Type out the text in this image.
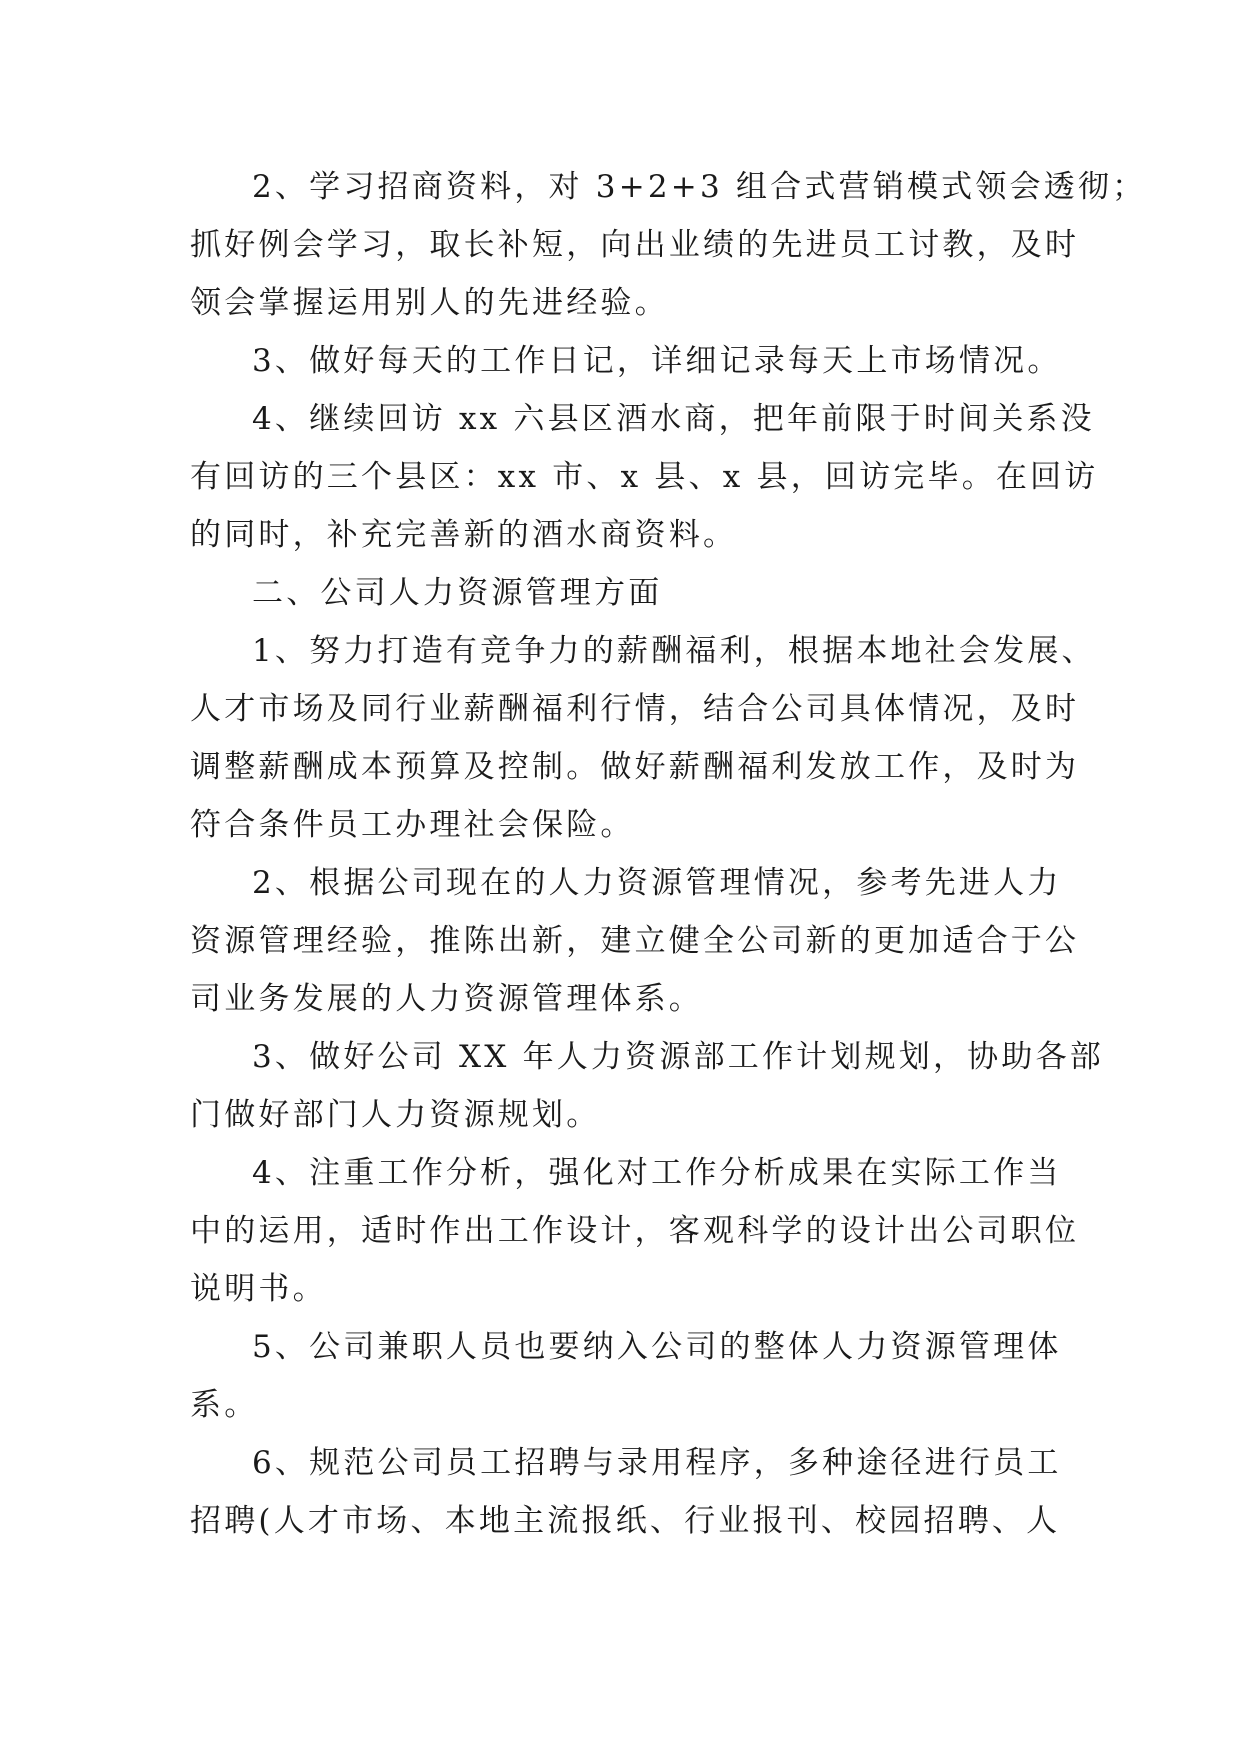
2、学习招商资料，对 3+2+3 组合式营销模式领会透彻；
抓好例会学习，取长补短，向出业绩的先进员工讨教，及时
领会掌握运用别人的先进经验。
3、做好每天的工作日记，详细记录每天上市场情况。
4、继续回访 xx 六县区酒水商，把年前限于时间关系没
有回访的三个县区：xx 市、x 县、x 县，回访完毕。在回访
的同时，补充完善新的酒水商资料。
二、公司人力资源管理方面
1、努力打造有竞争力的薪酬福利，根据本地社会发展、
人才市场及同行业薪酬福利行情，结合公司具体情况，及时
调整薪酬成本预算及控制。做好薪酬福利发放工作，及时为
符合条件员工办理社会保险。
2、根据公司现在的人力资源管理情况，参考先进人力
资源管理经验，推陈出新，建立健全公司新的更加适合于公
司业务发展的人力资源管理体系。
3、做好公司 XX 年人力资源部工作计划规划，协助各部
门做好部门人力资源规划。
4、注重工作分析，强化对工作分析成果在实际工作当
中的运用，适时作出工作设计，客观科学的设计出公司职位
说明书。
5、公司兼职人员也要纳入公司的整体人力资源管理体
系。
6、规范公司员工招聘与录用程序，多种途径进行员工
招聘(人才市场、本地主流报纸、行业报刊、校园招聘、人
